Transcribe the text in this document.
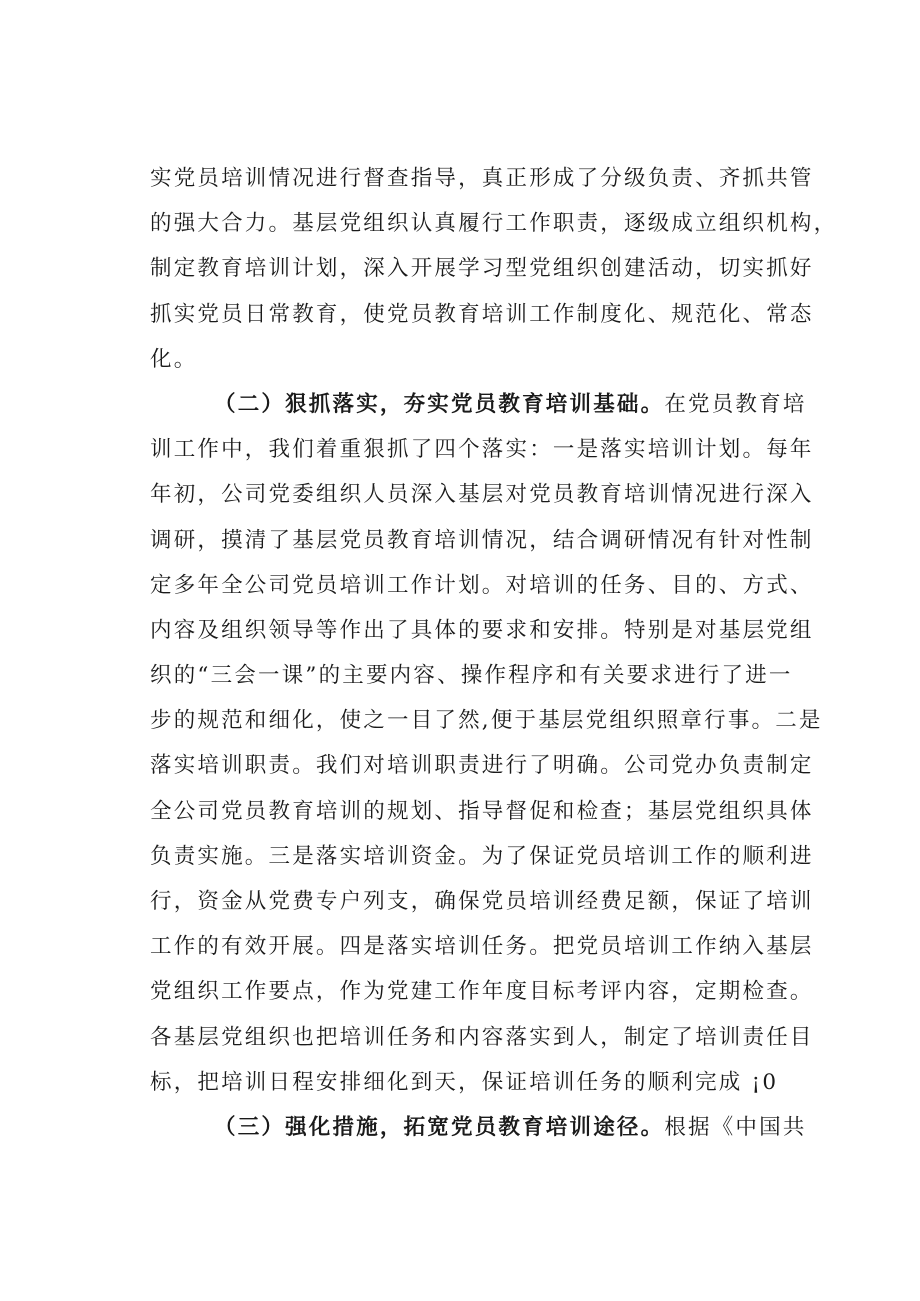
实党员培训情况进行督查指导，真正形成了分级负责、齐抓共管
的强大合力。基层党组织认真履行工作职责，逐级成立组织机构，
制定教育培训计划，深入开展学习型党组织创建活动，切实抓好
抓实党员日常教育，使党员教育培训工作制度化、规范化、常态
化。
（二）狠抓落实，夯实党员教育培训基础。在党员教育培
训工作中，我们着重狠抓了四个落实：一是落实培训计划。每年
年初，公司党委组织人员深入基层对党员教育培训情况进行深入
调研，摸清了基层党员教育培训情况，结合调研情况有针对性制
定多年全公司党员培训工作计划。对培训的任务、目的、方式、
内容及组织领导等作出了具体的要求和安排。特别是对基层党组
织的“三会一课”的主要内容、操作程序和有关要求进行了进一
步的规范和细化，使之一目了然,便于基层党组织照章行事。二是
落实培训职责。我们对培训职责进行了明确。公司党办负责制定
全公司党员教育培训的规划、指导督促和检查；基层党组织具体
负责实施。三是落实培训资金。为了保证党员培训工作的顺利进
行，资金从党费专户列支，确保党员培训经费足额，保证了培训
工作的有效开展。四是落实培训任务。把党员培训工作纳入基层
党组织工作要点，作为党建工作年度目标考评内容，定期检查。
各基层党组织也把培训任务和内容落实到人，制定了培训责任目
标，把培训日程安排细化到天，保证培训任务的顺利完成 ¡0
（三）强化措施，拓宽党员教育培训途径。根据《中国共
